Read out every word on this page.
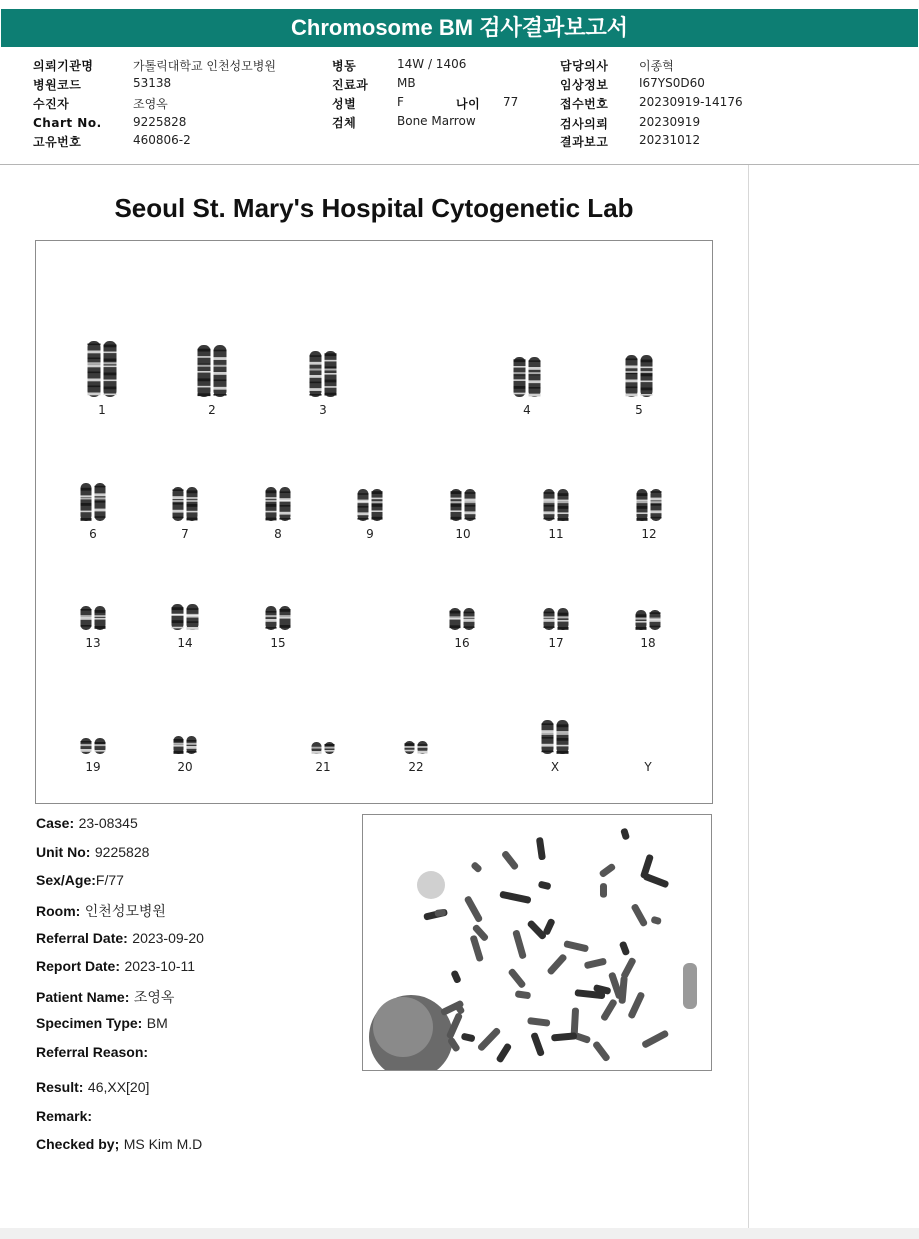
Chromosome BM 검사결과보고서
의뢰기관명	가톨릭대학교 인천성모병원
병원코드	53138
수진자	조영옥
Chart No.	9225828
고유번호	460806-2
병동	14W / 1406
진료과 MB
성별	F	나이 77
검체	Bone Marrow
담당의사	이종혁
임상정보	I67YS0D60
접수번호	20230919-14176
검사의뢰	20230919
결과보고	20231012
Seoul St. Mary's Hospital Cytogenetic Lab
1	2	3	4	5
6	7	8	9	10	11	12
13	14	15	16	17	18
19	20	21	22	X	Y
Case: 23-08345
Unit No: 9225828
Sex/Age:F/77
Room: 인천성모병원
Referral Date: 2023-09-20
Report Date: 2023-10-11
Patient Name: 조영옥
Specimen Type: BM
Referral Reason:
Result: 46,XX[20]
Remark:
Checked by; MS Kim M.D
